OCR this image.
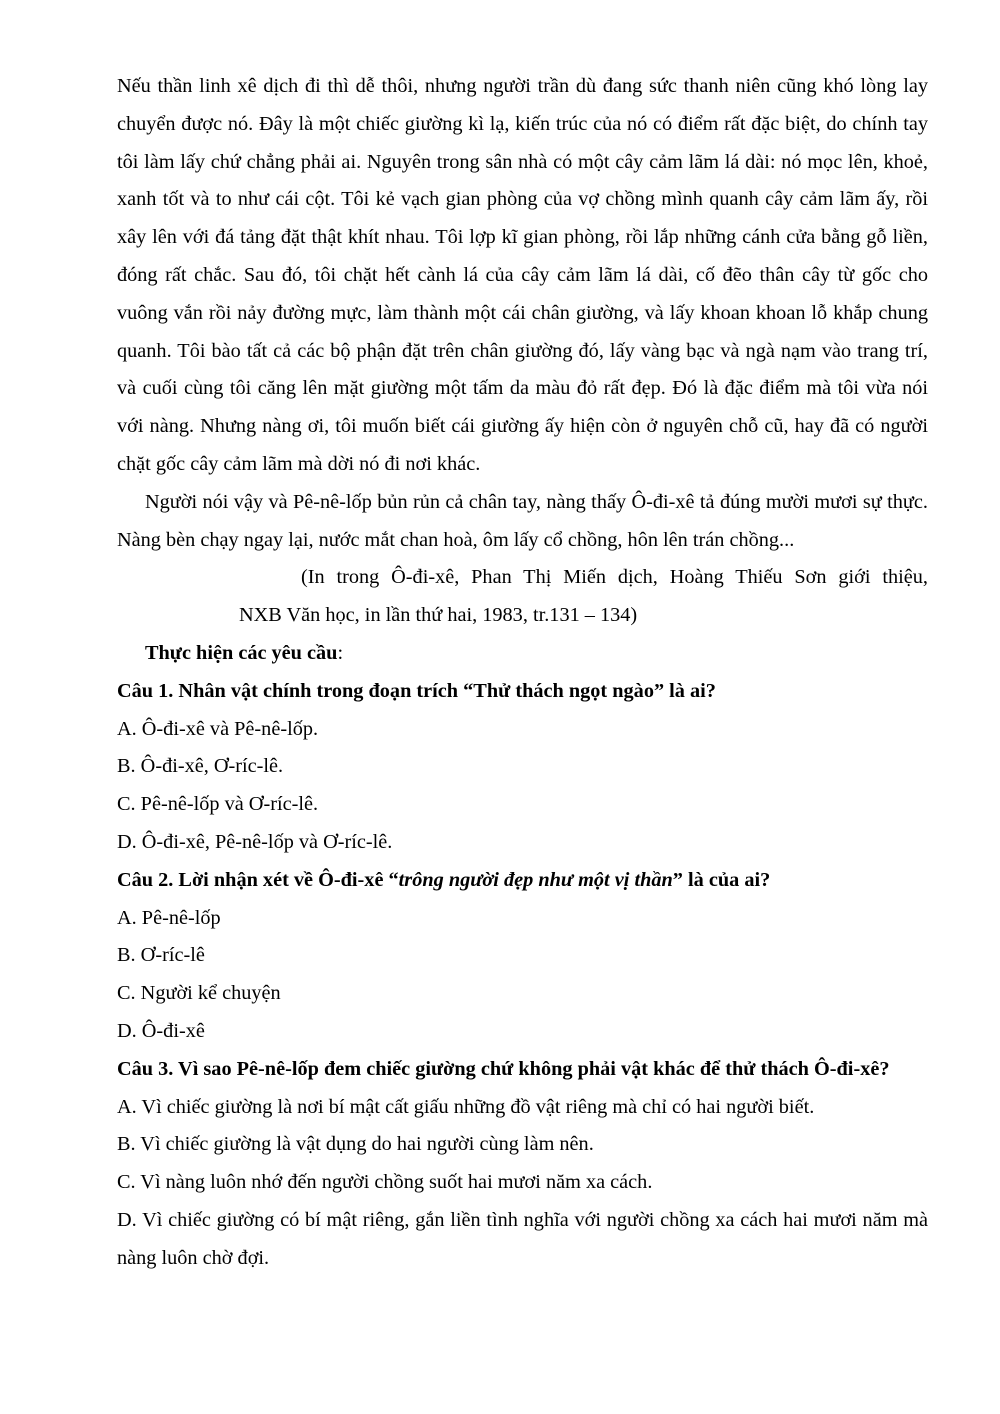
Nếu thần linh xê dịch đi thì dễ thôi, nhưng người trần dù đang sức thanh niên cũng khó lòng lay chuyển được nó. Đây là một chiếc giường kì lạ, kiến trúc của nó có điểm rất đặc biệt, do chính tay tôi làm lấy chứ chẳng phải ai. Nguyên trong sân nhà có một cây cảm lãm lá dài: nó mọc lên, khoẻ, xanh tốt và to như cái cột. Tôi kẻ vạch gian phòng của vợ chồng mình quanh cây cảm lãm ấy, rồi xây lên với đá tảng đặt thật khít nhau. Tôi lợp kĩ gian phòng, rồi lắp những cánh cửa bằng gỗ liền, đóng rất chắc. Sau đó, tôi chặt hết cành lá của cây cảm lãm lá dài, cố đẽo thân cây từ gốc cho vuông vắn rồi nảy đường mực, làm thành một cái chân giường, và lấy khoan khoan lỗ khắp chung quanh. Tôi bào tất cả các bộ phận đặt trên chân giường đó, lấy vàng bạc và ngà nạm vào trang trí, và cuối cùng tôi căng lên mặt giường một tấm da màu đỏ rất đẹp. Đó là đặc điểm mà tôi vừa nói với nàng. Nhưng nàng ơi, tôi muốn biết cái giường ấy hiện còn ở nguyên chỗ cũ, hay đã có người chặt gốc cây cảm lãm mà dời nó đi nơi khác.

Người nói vậy và Pê-nê-lốp bủn rủn cả chân tay, nàng thấy Ô-đi-xê tả đúng mười mươi sự thực. Nàng bèn chạy ngay lại, nước mắt chan hoà, ôm lấy cổ chồng, hôn lên trán chồng...

(In trong Ô-đi-xê, Phan Thị Miến dịch, Hoàng Thiếu Sơn giới thiệu,

NXB Văn học, in lần thứ hai, 1983, tr.131 – 134)

Thực hiện các yêu cầu:

Câu 1. Nhân vật chính trong đoạn trích “Thử thách ngọt ngào” là ai?

A. Ô-đi-xê và Pê-nê-lốp.

B. Ô-đi-xê, Ơ-ríc-lê.

C. Pê-nê-lốp và Ơ-ríc-lê.

D. Ô-đi-xê, Pê-nê-lốp và Ơ-ríc-lê.

Câu 2. Lời nhận xét về Ô-đi-xê “trông người đẹp như một vị thần” là của ai?

A. Pê-nê-lốp

B. Ơ-ríc-lê

C. Người kể chuyện

D. Ô-đi-xê

Câu 3. Vì sao Pê-nê-lốp đem chiếc giường chứ không phải vật khác để thử thách Ô-đi-xê?

A. Vì chiếc giường là nơi bí mật cất giấu những đồ vật riêng mà chỉ có hai người biết.

B. Vì chiếc giường là vật dụng do hai người cùng làm nên.

C. Vì nàng luôn nhớ đến người chồng suốt hai mươi năm xa cách.

D. Vì chiếc giường có bí mật riêng, gắn liền tình nghĩa với người chồng xa cách hai mươi năm mà nàng luôn chờ đợi.
